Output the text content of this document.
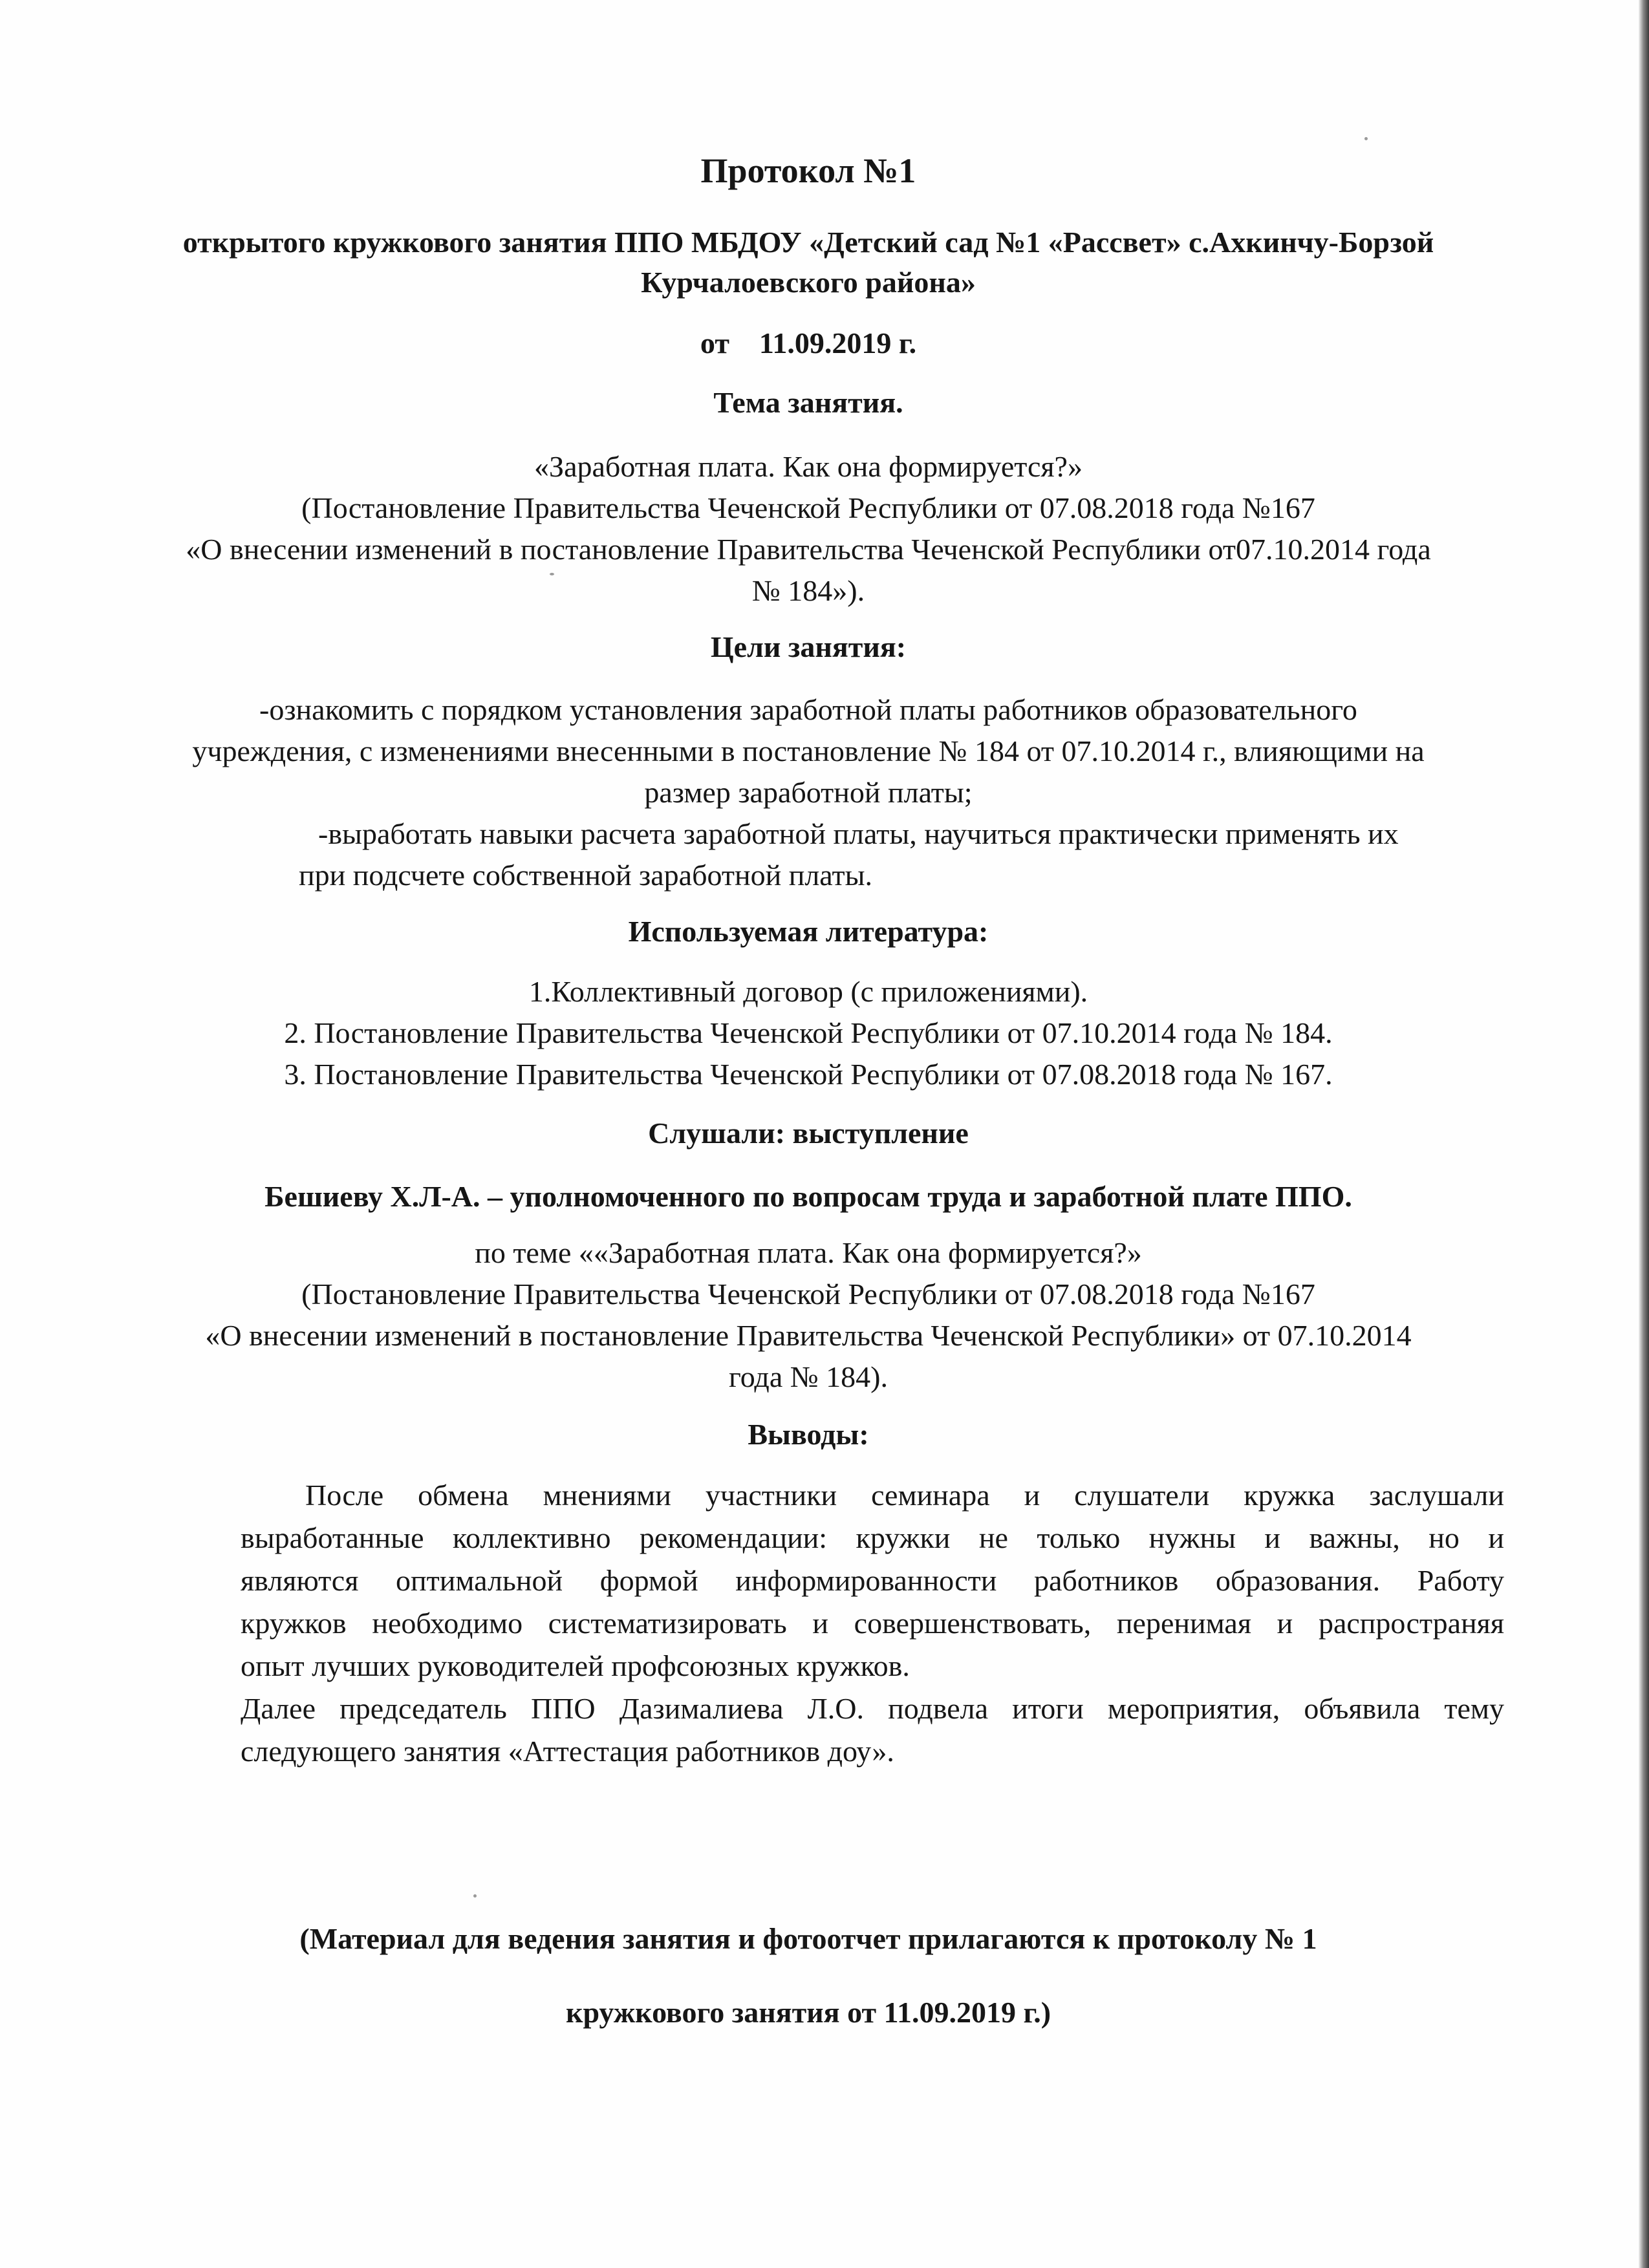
Протокол №1
открытого кружкового занятия ППО МБДОУ «Детский сад №1 «Рассвет» с.Ахкинчу-Борзой
Курчалоевского района»
от    11.09.2019 г.
Тема занятия.
«Заработная плата. Как она формируется?»
(Постановление Правительства Чеченской Республики от 07.08.2018 года №167
«О внесении изменений в постановление Правительства Чеченской Республики от07.10.2014 года
№ 184»).
Цели занятия:
-ознакомить с порядком установления заработной платы работников образовательного
учреждения, с изменениями внесенными в постановление № 184 от 07.10.2014 г., влияющими на
размер заработной платы;
-выработать навыки расчета заработной платы, научиться практически применять их
при подсчете собственной заработной платы.
Используемая литература:
1.Коллективный договор (с приложениями).
2. Постановление Правительства Чеченской Республики от 07.10.2014 года № 184.
3. Постановление Правительства Чеченской Республики от 07.08.2018 года № 167.
Слушали: выступление
Бешиеву Х.Л-А. – уполномоченного по вопросам труда и заработной плате ППО.
по теме ««Заработная плата. Как она формируется?»
(Постановление Правительства Чеченской Республики от 07.08.2018 года №167
«О внесении изменений в постановление Правительства Чеченской Республики» от 07.10.2014
года № 184).
Выводы:
После обмена мнениями участники семинара и слушатели кружка заслушали
выработанные коллективно рекомендации: кружки не только нужны и важны, но и
являются оптимальной формой информированности работников образования. Работу
кружков необходимо систематизировать и совершенствовать, перенимая и распространяя
опыт лучших руководителей профсоюзных кружков.
Далее председатель ППО Дазималиева Л.О. подвела итоги мероприятия, объявила тему
следующего занятия «Аттестация работников доу».
(Материал для ведения занятия и фотоотчет прилагаются к протоколу № 1
кружкового занятия от 11.09.2019 г.)
